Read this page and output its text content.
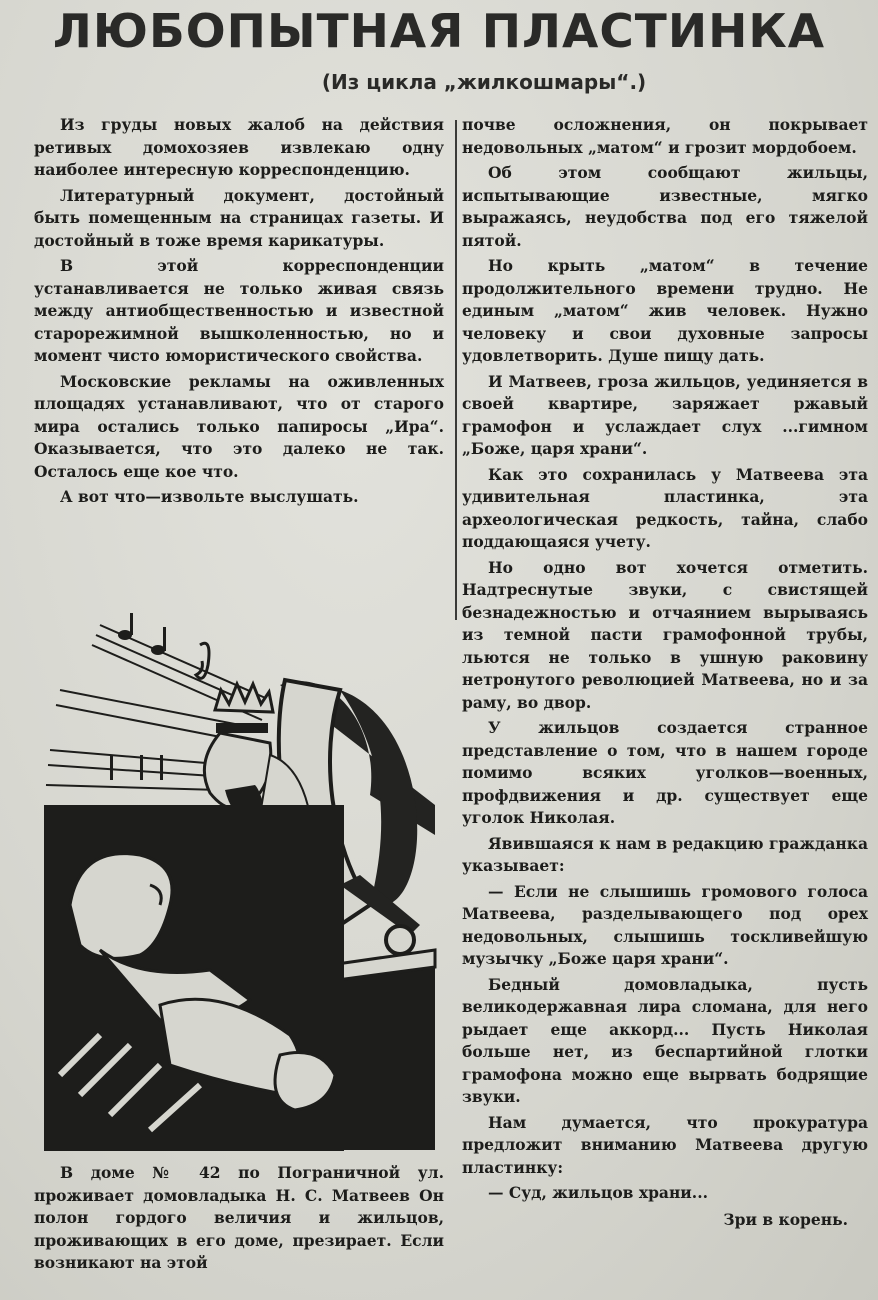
ЛЮБОПЫТНАЯ ПЛАСТИНКА
(Из цикла „жилкошмары“.)

Из груды новых жалоб на действия ретивых домохозяев извлекаю одну наиболее интересную корреспонденцию.

Литературный документ, достойный быть помещенным на страницах газеты. И достойный в тоже время карикатуры.

В этой корреспонденции устанавливается не только живая связь между антиобщественностью и известной старорежимной вышколенностью, но и момент чисто юмористического свойства.

Московские рекламы на оживленных площадях устанавливают, что от старого мира остались только папиросы „Ира“. Оказывается, что это далеко не так. Осталось еще кое что.

А вот что—извольте выслушать.

В доме № 42 по Пограничной ул. проживает домовладыка Н. С. Матвеев Он полон гордого величия и жильцов, проживающих в его доме, презирает. Если возникают на этой

почве осложнения, он покрывает недовольных „матом“ и грозит мордобоем.

Об этом сообщают жильцы, испытывающие известные, мягко выражаясь, неудобства под его тяжелой пятой.

Но крыть „матом“ в течение продолжительного времени трудно. Не единым „матом“ жив человек. Нужно человеку и свои духовные запросы удовлетворить. Душе пищу дать.

И Матвеев, гроза жильцов, уединяется в своей квартире, заряжает ржавый грамофон и услаждает слух ...гимном „Боже, царя храни“.

Как это сохранилась у Матвеева эта удивительная пластинка, эта археологическая редкость, тайна, слабо поддающаяся учету.

Но одно вот хочется отметить. Надтреснутые звуки, с свистящей безнадежностью и отчаянием вырываясь из темной пасти грамофонной трубы, льются не только в ушную раковину нетронутого революцией Матвеева, но и за раму, во двор.

У жильцов создается странное представление о том, что в нашем городе помимо всяких уголков—военных, профдвижения и др. существует еще уголок Николая.

Явившаяся к нам в редакцию гражданка указывает:

— Если не слышишь громового голоса Матвеева, разделывающего под орех недовольных, слышишь тоскливейшую музычку „Боже царя храни“.

Бедный домовладыка, пусть великодержавная лира сломана, для него рыдает еще аккорд... Пусть Николая больше нет, из беспартийной глотки грамофона можно еще вырвать бодрящие звуки.

Нам думается, что прокуратура предложит вниманию Матвеева другую пластинку:

— Суд, жильцов храни...

Зри в корень.
